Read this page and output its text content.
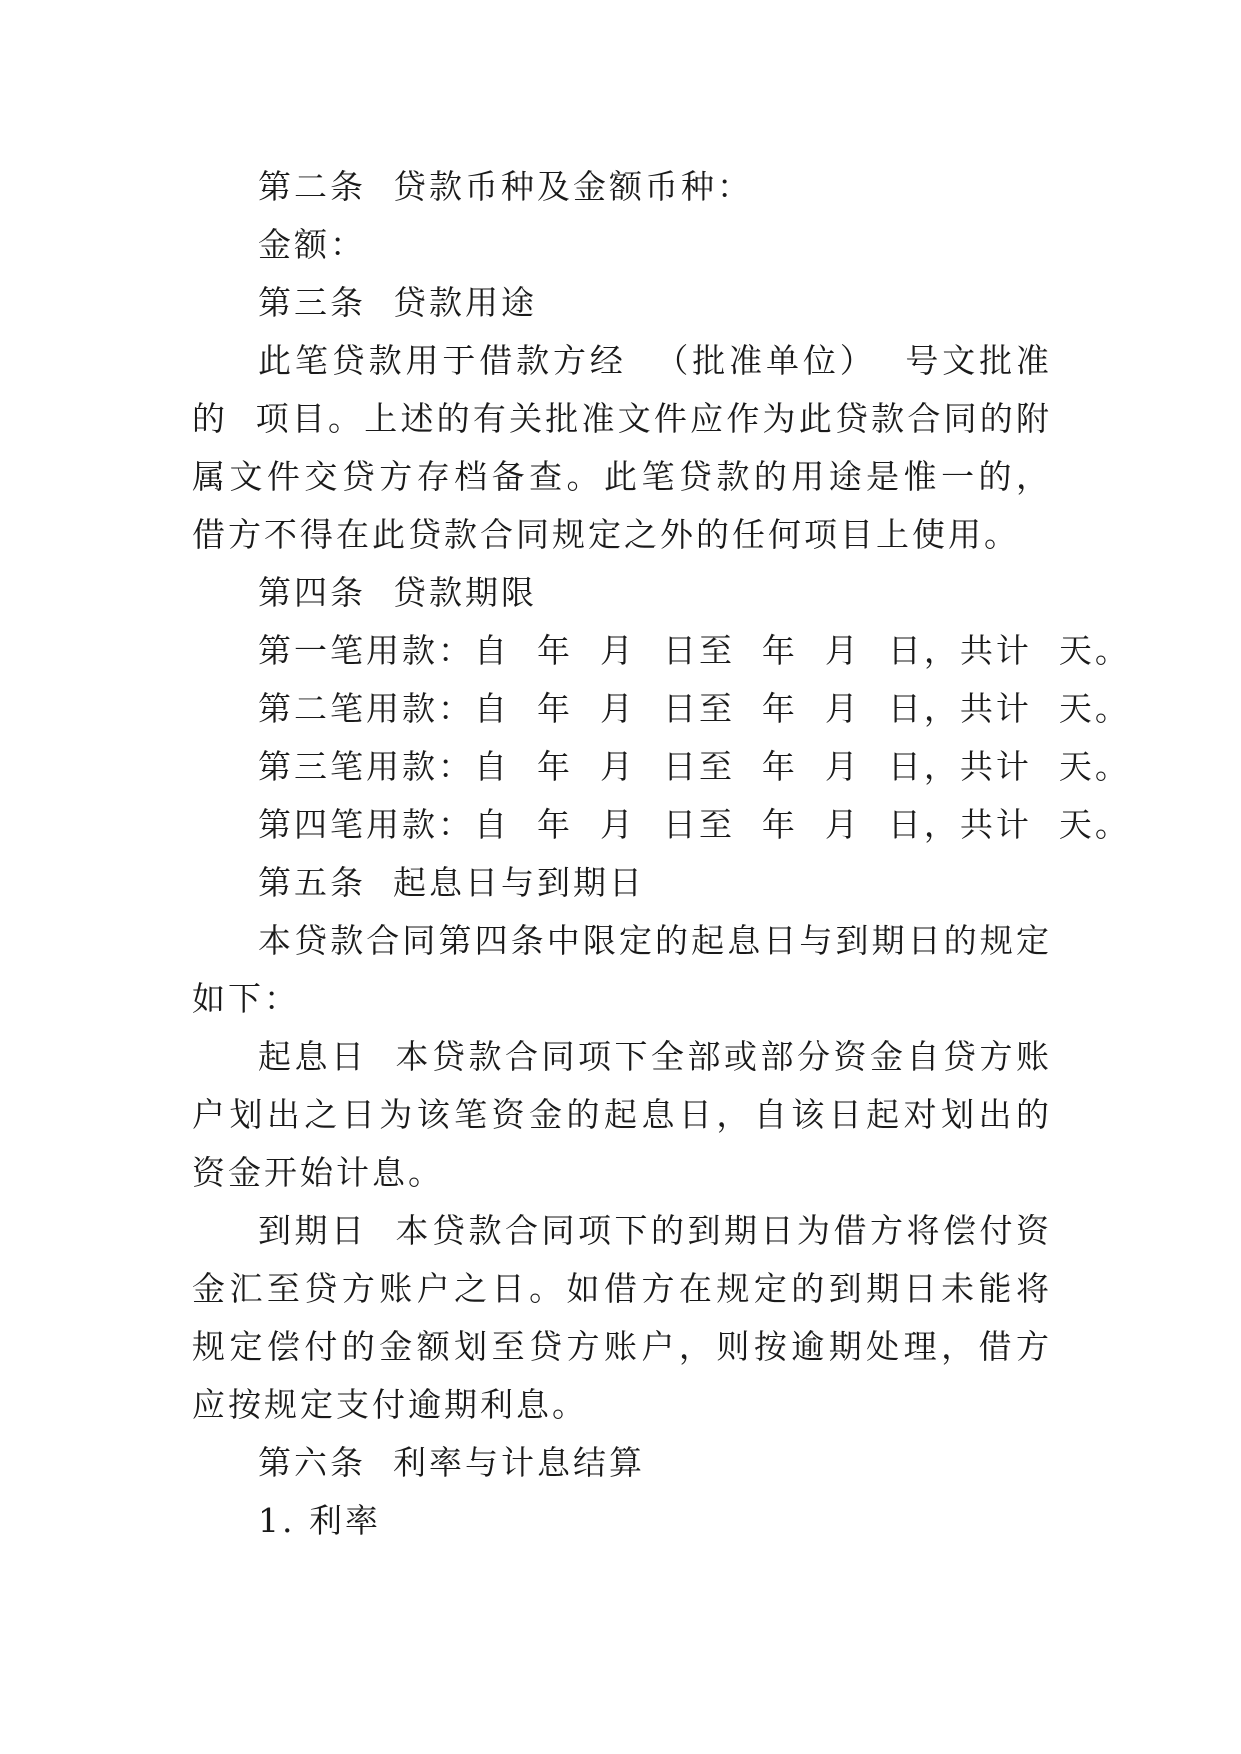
第二条  贷款币种及金额币种：
金额：
第三条  贷款用途
此笔贷款用于借款方经  （批准单位）  号文批准的  项目。上述的有关批准文件应作为此贷款合同的附属文件交贷方存档备查。此笔贷款的用途是惟一的，借方不得在此贷款合同规定之外的任何项目上使用。
第四条  贷款期限
第一笔用款：自  年  月  日至  年  月  日，共计  天。
第二笔用款：自  年  月  日至  年  月  日，共计  天。
第三笔用款：自  年  月  日至  年  月  日，共计  天。
第四笔用款：自  年  月  日至  年  月  日，共计  天。
第五条  起息日与到期日
本贷款合同第四条中限定的起息日与到期日的规定如下：
起息日  本贷款合同项下全部或部分资金自贷方账户划出之日为该笔资金的起息日，自该日起对划出的资金开始计息。
到期日  本贷款合同项下的到期日为借方将偿付资金汇至贷方账户之日。如借方在规定的到期日未能将规定偿付的金额划至贷方账户，则按逾期处理，借方应按规定支付逾期利息。
第六条  利率与计息结算
1. 利率
